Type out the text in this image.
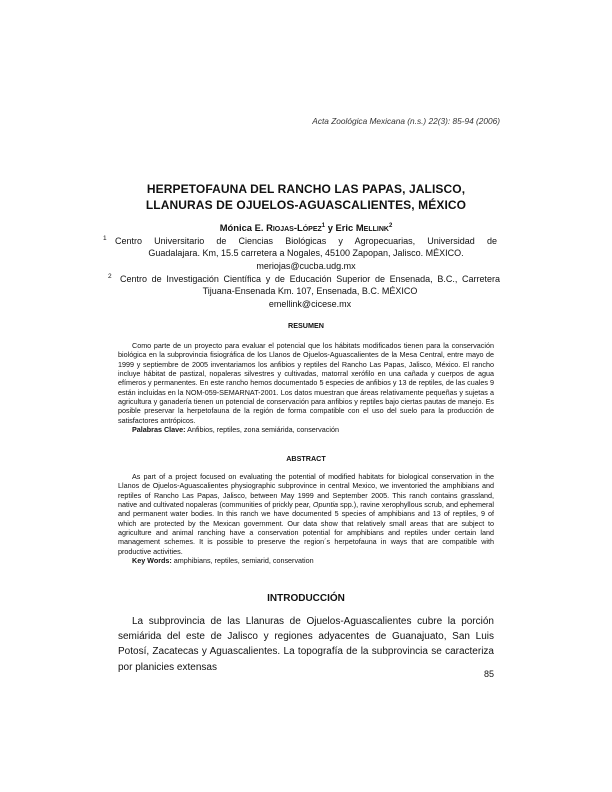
Acta Zoológica Mexicana (n.s.) 22(3): 85-94 (2006)
HERPETOFAUNA DEL RANCHO LAS PAPAS, JALISCO,
LLANURAS DE OJUELOS-AGUASCALIENTES, MÉXICO
Mónica E. Riojas-López$^1$ y Eric Mellink$^2$
1 Centro Universitario de Ciencias Biológicas y Agropecuarias, Universidad de
Guadalajara. Km, 15.5 carretera a Nogales, 45100 Zapopan, Jalisco. MÉXICO.
meriojas@cucba.udg.mx
2 Centro de Investigación Científica y de Educación Superior de Ensenada, B.C., Carretera
Tijuana-Ensenada Km. 107, Ensenada, B.C. MÉXICO
emellink@cicese.mx
RESUMEN

Como parte de un proyecto para evaluar el potencial que los hábitats modificados tienen para la conservación biológica en la subprovincia fisiográfica de los Llanos de Ojuelos-Aguascalientes de la Mesa Central, entre mayo de 1999 y septiembre de 2005 inventariamos los anfibios y reptiles del Rancho Las Papas, Jalisco, México. El rancho incluye hábitat de pastizal, nopaleras silvestres y cultivadas, matorral xerófilo en una cañada y cuerpos de agua efímeros y permanentes. En este rancho hemos documentado 5 especies de anfibios y 13 de reptiles, de las cuales 9 están incluidas en la NOM-059-SEMARNAT-2001. Los datos muestran que áreas relativamente pequeñas y sujetas a agricultura y ganadería tienen un potencial de conservación para anfibios y reptiles bajo ciertas pautas de manejo. Es posible preservar la herpetofauna de la región de forma compatible con el uso del suelo para la producción de satisfactores antrópicos.

Palabras Clave: Anfibios, reptiles, zona semiárida, conservación

ABSTRACT

As part of a project focused on evaluating the potential of modified habitats for biological conservation in the Llanos de Ojuelos-Aguascalientes physiographic subprovince in central Mexico, we inventoried the amphibians and reptiles of Rancho Las Papas, Jalisco, between May 1999 and September 2005. This ranch contains grassland, native and cultivated nopaleras (communities of prickly pear, Opuntia spp.), ravine xerophyllous scrub, and ephemeral and permanent water bodies. In this ranch we have documented 5 species of amphibians and 13 of reptiles, 9 of which are protected by the Mexican government. Our data show that relatively small areas that are subject to agriculture and animal ranching have a conservation potential for amphibians and reptiles under certain land management schemes. It is possible to preserve the region´s herpetofauna in ways that are compatible with productive activities.

Key Words: amphibians, reptiles, semiarid, conservation

INTRODUCCIÓN

La subprovincia de las Llanuras de Ojuelos-Aguascalientes cubre la porción semiárida del este de Jalisco y regiones adyacentes de Guanajuato, San Luis Potosí, Zacatecas y Aguascalientes. La topografía de la subprovincia se caracteriza por planicies extensas

85
